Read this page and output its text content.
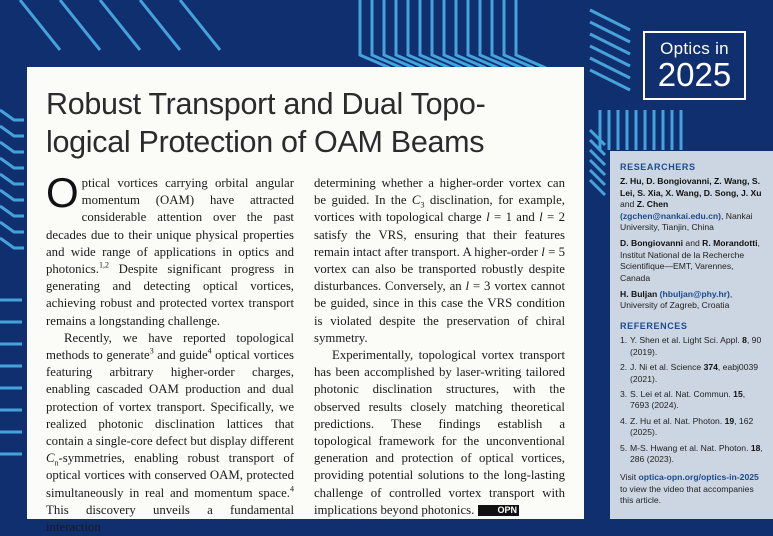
Optics in
2025
Robust Transport and Dual Topo-
logical Protection of OAM Beams

Optical vortices carrying orbital angular momentum (OAM) have attracted considerable attention over the past decades due to their unique physical properties and wide range of applications in optics and photonics.$^{1,2}$ Despite significant progress in generating and detecting optical vortices, achieving robust and protected vortex transport remains a longstanding challenge.

Recently, we have reported topological methods to generate$^3$ and guide$^4$ optical vortices featuring arbitrary higher-order charges, enabling cascaded OAM production and dual protection of vortex transport. Specifically, we realized photonic disclination lattices that contain a single-core defect but display different $C_n$-symmetries, enabling robust transport of optical vortices with conserved OAM, protected simultaneously in real and momentum space.$^4$ This discovery unveils a fundamental interaction

determining whether a higher-order vortex can be guided. In the $C_3$ disclination, for example, vortices with topological charge l = 1 and l = 2 satisfy the VRS, ensuring that their features remain intact after transport. A higher-order l = 5 vortex can also be transported robustly despite disturbances. Conversely, an l = 3 vortex cannot be guided, since in this case the VRS condition is violated despite the preservation of chiral symmetry.

Experimentally, topological vortex transport has been accomplished by laser-writing tailored photonic disclination structures, with the observed results closely matching theoretical predictions. These findings establish a topological framework for the unconventional generation and protection of optical vortices, providing potential solutions to the long-lasting challenge of controlled vortex transport with implications beyond photonics.	OPN

RESEARCHERS
Z. Hu, D. Bongiovanni, Z. Wang, S. Lei, S. Xia, X. Wang, D. Song, J. Xu and Z. Chen (zgchen@nankai.edu.cn), Nankai University, Tianjin, China
D. Bongiovanni and R. Morandotti, Institut National de la Recherche Scientifique—EMT, Varennes, Canada
H. Buljan (hbuljan@phy.hr), University of Zagreb, Croatia
REFERENCES
1. Y. Shen et al. Light Sci. Appl. 8, 90 (2019).
2. J. Ni et al. Science 374, eabj0039 (2021).
3. S. Lei et al. Nat. Commun. 15, 7693 (2024).
4. Z. Hu et al. Nat. Photon. 19, 162 (2025).
5. M-S. Hwang et al. Nat. Photon. 18, 286 (2023).
Visit optica-opn.org/optics-in-2025 to view the video that accompanies this article.
